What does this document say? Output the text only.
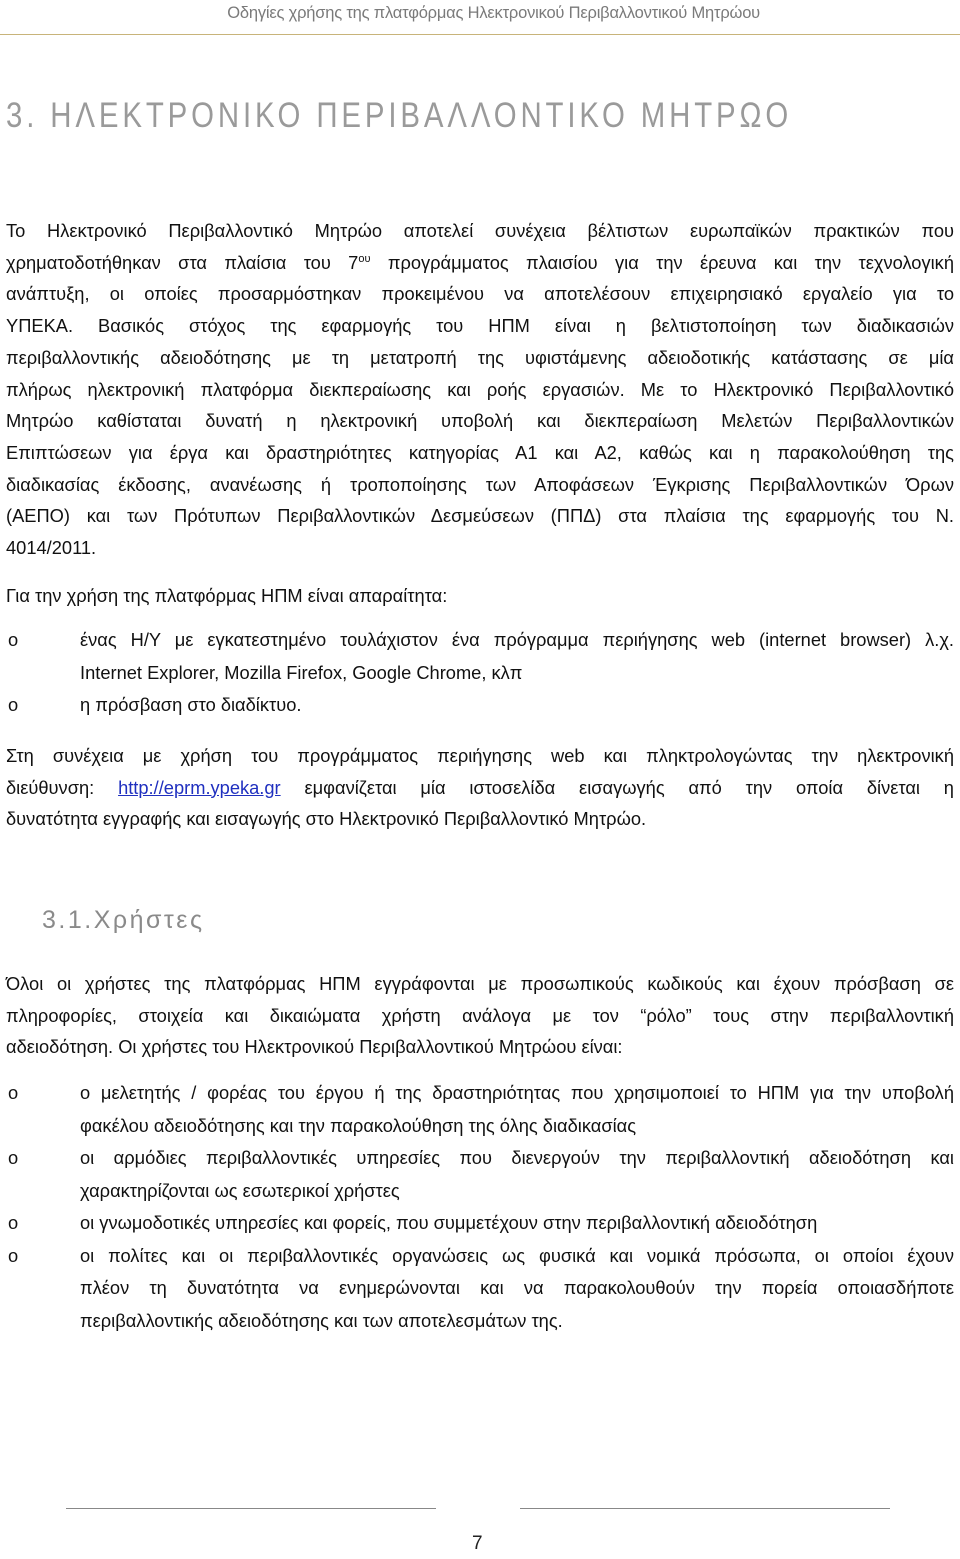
Οδηγίες χρήσης της πλατφόρμας Ηλεκτρονικού Περιβαλλοντικού Μητρώου
3. ΗΛΕΚΤΡΟΝΙΚΟ ΠΕΡΙΒΑΛΛΟΝΤΙΚΟ ΜΗΤΡΩΟ
Το Ηλεκτρονικό Περιβαλλοντικό Μητρώο αποτελεί συνέχεια βέλτιστων ευρωπαϊκών πρακτικών που
χρηματοδοτήθηκαν στα πλαίσια του $7^{o\upsilon}$ προγράμματος πλαισίου για την έρευνα και την τεχνολογική
ανάπτυξη, οι οποίες προσαρμόστηκαν προκειμένου να αποτελέσουν επιχειρησιακό εργαλείο για το
ΥΠΕΚΑ. Βασικός στόχος της εφαρμογής του ΗΠΜ είναι η βελτιστοποίηση των διαδικασιών
περιβαλλοντικής αδειοδότησης με τη μετατροπή της υφιστάμενης αδειοδοτικής κατάστασης σε μία
πλήρως ηλεκτρονική πλατφόρμα διεκπεραίωσης και ροής εργασιών. Με το Ηλεκτρονικό Περιβαλλοντικό
Μητρώο καθίσταται δυνατή η ηλεκτρονική υποβολή και διεκπεραίωση Μελετών Περιβαλλοντικών
Επιπτώσεων για έργα και δραστηριότητες κατηγορίας Α1 και Α2, καθώς και η παρακολούθηση της
διαδικασίας έκδοσης, ανανέωσης ή τροποποίησης των Αποφάσεων Έγκρισης Περιβαλλοντικών Όρων
(ΑΕΠΟ) και των Πρότυπων Περιβαλλοντικών Δεσμεύσεων (ΠΠΔ) στα πλαίσια της εφαρμογής του Ν.
4014/2011.
Για την χρήση της πλατφόρμας ΗΠΜ είναι απαραίτητα:
o	ένας Η/Υ με εγκατεστημένο τουλάχιστον ένα πρόγραμμα περιήγησης web (internet browser) λ.χ.
Internet Explorer, Mozilla Firefox, Google Chrome, κλπ
o	η πρόσβαση στο διαδίκτυο.
Στη συνέχεια με χρήση του προγράμματος περιήγησης web και πληκτρολογώντας την ηλεκτρονική
διεύθυνση: http://eprm.ypeka.gr εμφανίζεται μία ιστοσελίδα εισαγωγής από την οποία δίνεται η
δυνατότητα εγγραφής και εισαγωγής στο Ηλεκτρονικό Περιβαλλοντικό Μητρώο.
3.1.Χρήστες
Όλοι οι χρήστες της πλατφόρμας ΗΠΜ εγγράφονται με προσωπικούς κωδικούς και έχουν πρόσβαση σε
πληροφορίες, στοιχεία και δικαιώματα χρήστη ανάλογα με τον “ρόλο” τους στην περιβαλλοντική
αδειοδότηση. Οι χρήστες του Ηλεκτρονικού Περιβαλλοντικού Μητρώου είναι:
o	ο μελετητής / φορέας του έργου ή της δραστηριότητας που χρησιμοποιεί το ΗΠΜ για την υποβολή
φακέλου αδειοδότησης και την παρακολούθηση της όλης διαδικασίας
o	οι αρμόδιες περιβαλλοντικές υπηρεσίες που διενεργούν την περιβαλλοντική αδειοδότηση και
χαρακτηρίζονται ως εσωτερικοί χρήστες
o	οι γνωμοδοτικές υπηρεσίες και φορείς, που συμμετέχουν στην περιβαλλοντική αδειοδότηση
o	οι πολίτες και οι περιβαλλοντικές οργανώσεις ως φυσικά και νομικά πρόσωπα, οι οποίοι έχουν
πλέον τη δυνατότητα να ενημερώνονται και να παρακολουθούν την πορεία οποιασδήποτε
περιβαλλοντικής αδειοδότησης και των αποτελεσμάτων της.
7
